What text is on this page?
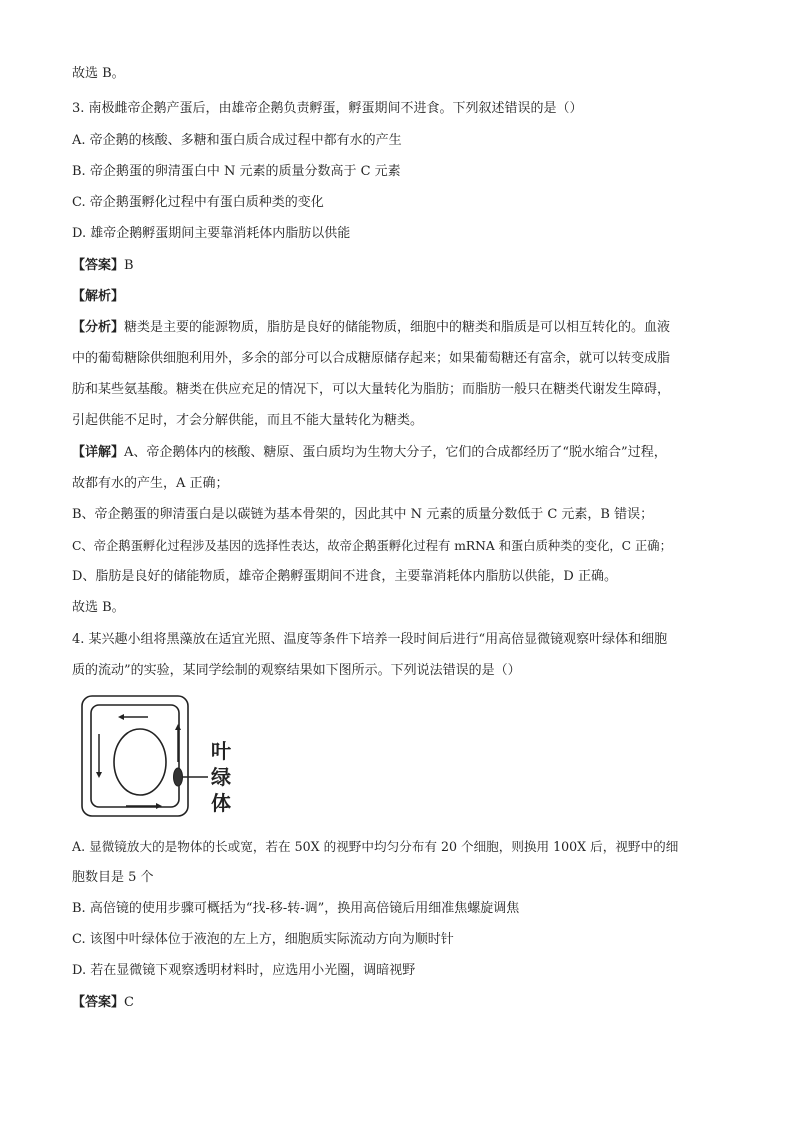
故选 B。
3. 南极雌帝企鹅产蛋后，由雄帝企鹅负责孵蛋，孵蛋期间不进食。下列叙述错误的是（）
A. 帝企鹅的核酸、多糖和蛋白质合成过程中都有水的产生
B. 帝企鹅蛋的卵清蛋白中 N 元素的质量分数高于 C 元素
C. 帝企鹅蛋孵化过程中有蛋白质种类的变化
D. 雄帝企鹅孵蛋期间主要靠消耗体内脂肪以供能
【答案】B
【解析】
【分析】糖类是主要的能源物质，脂肪是良好的储能物质，细胞中的糖类和脂质是可以相互转化的。血液
中的葡萄糖除供细胞利用外，多余的部分可以合成糖原储存起来；如果葡萄糖还有富余，就可以转变成脂
肪和某些氨基酸。糖类在供应充足的情况下，可以大量转化为脂肪；而脂肪一般只在糖类代谢发生障碍，
引起供能不足时，才会分解供能，而且不能大量转化为糖类。
【详解】A、帝企鹅体内的核酸、糖原、蛋白质均为生物大分子，它们的合成都经历了“脱水缩合”过程，
故都有水的产生，A 正确；
B、帝企鹅蛋的卵清蛋白是以碳链为基本骨架的，因此其中 N 元素的质量分数低于 C 元素，B 错误；
C、帝企鹅蛋孵化过程涉及基因的选择性表达，故帝企鹅蛋孵化过程有 mRNA 和蛋白质种类的变化，C 正确；
D、脂肪是良好的储能物质，雄帝企鹅孵蛋期间不进食，主要靠消耗体内脂肪以供能，D 正确。
故选 B。
4. 某兴趣小组将黑藻放在适宜光照、温度等条件下培养一段时间后进行“用高倍显微镜观察叶绿体和细胞
质的流动”的实验，某同学绘制的观察结果如下图所示。下列说法错误的是（）
叶
绿
体
A. 显微镜放大的是物体的长或宽，若在 50X 的视野中均匀分布有 20 个细胞，则换用 100X 后，视野中的细
胞数目是 5 个
B. 高倍镜的使用步骤可概括为“找-移-转-调”，换用高倍镜后用细准焦螺旋调焦
C. 该图中叶绿体位于液泡的左上方，细胞质实际流动方向为顺时针
D. 若在显微镜下观察透明材料时，应选用小光圈，调暗视野
【答案】C
